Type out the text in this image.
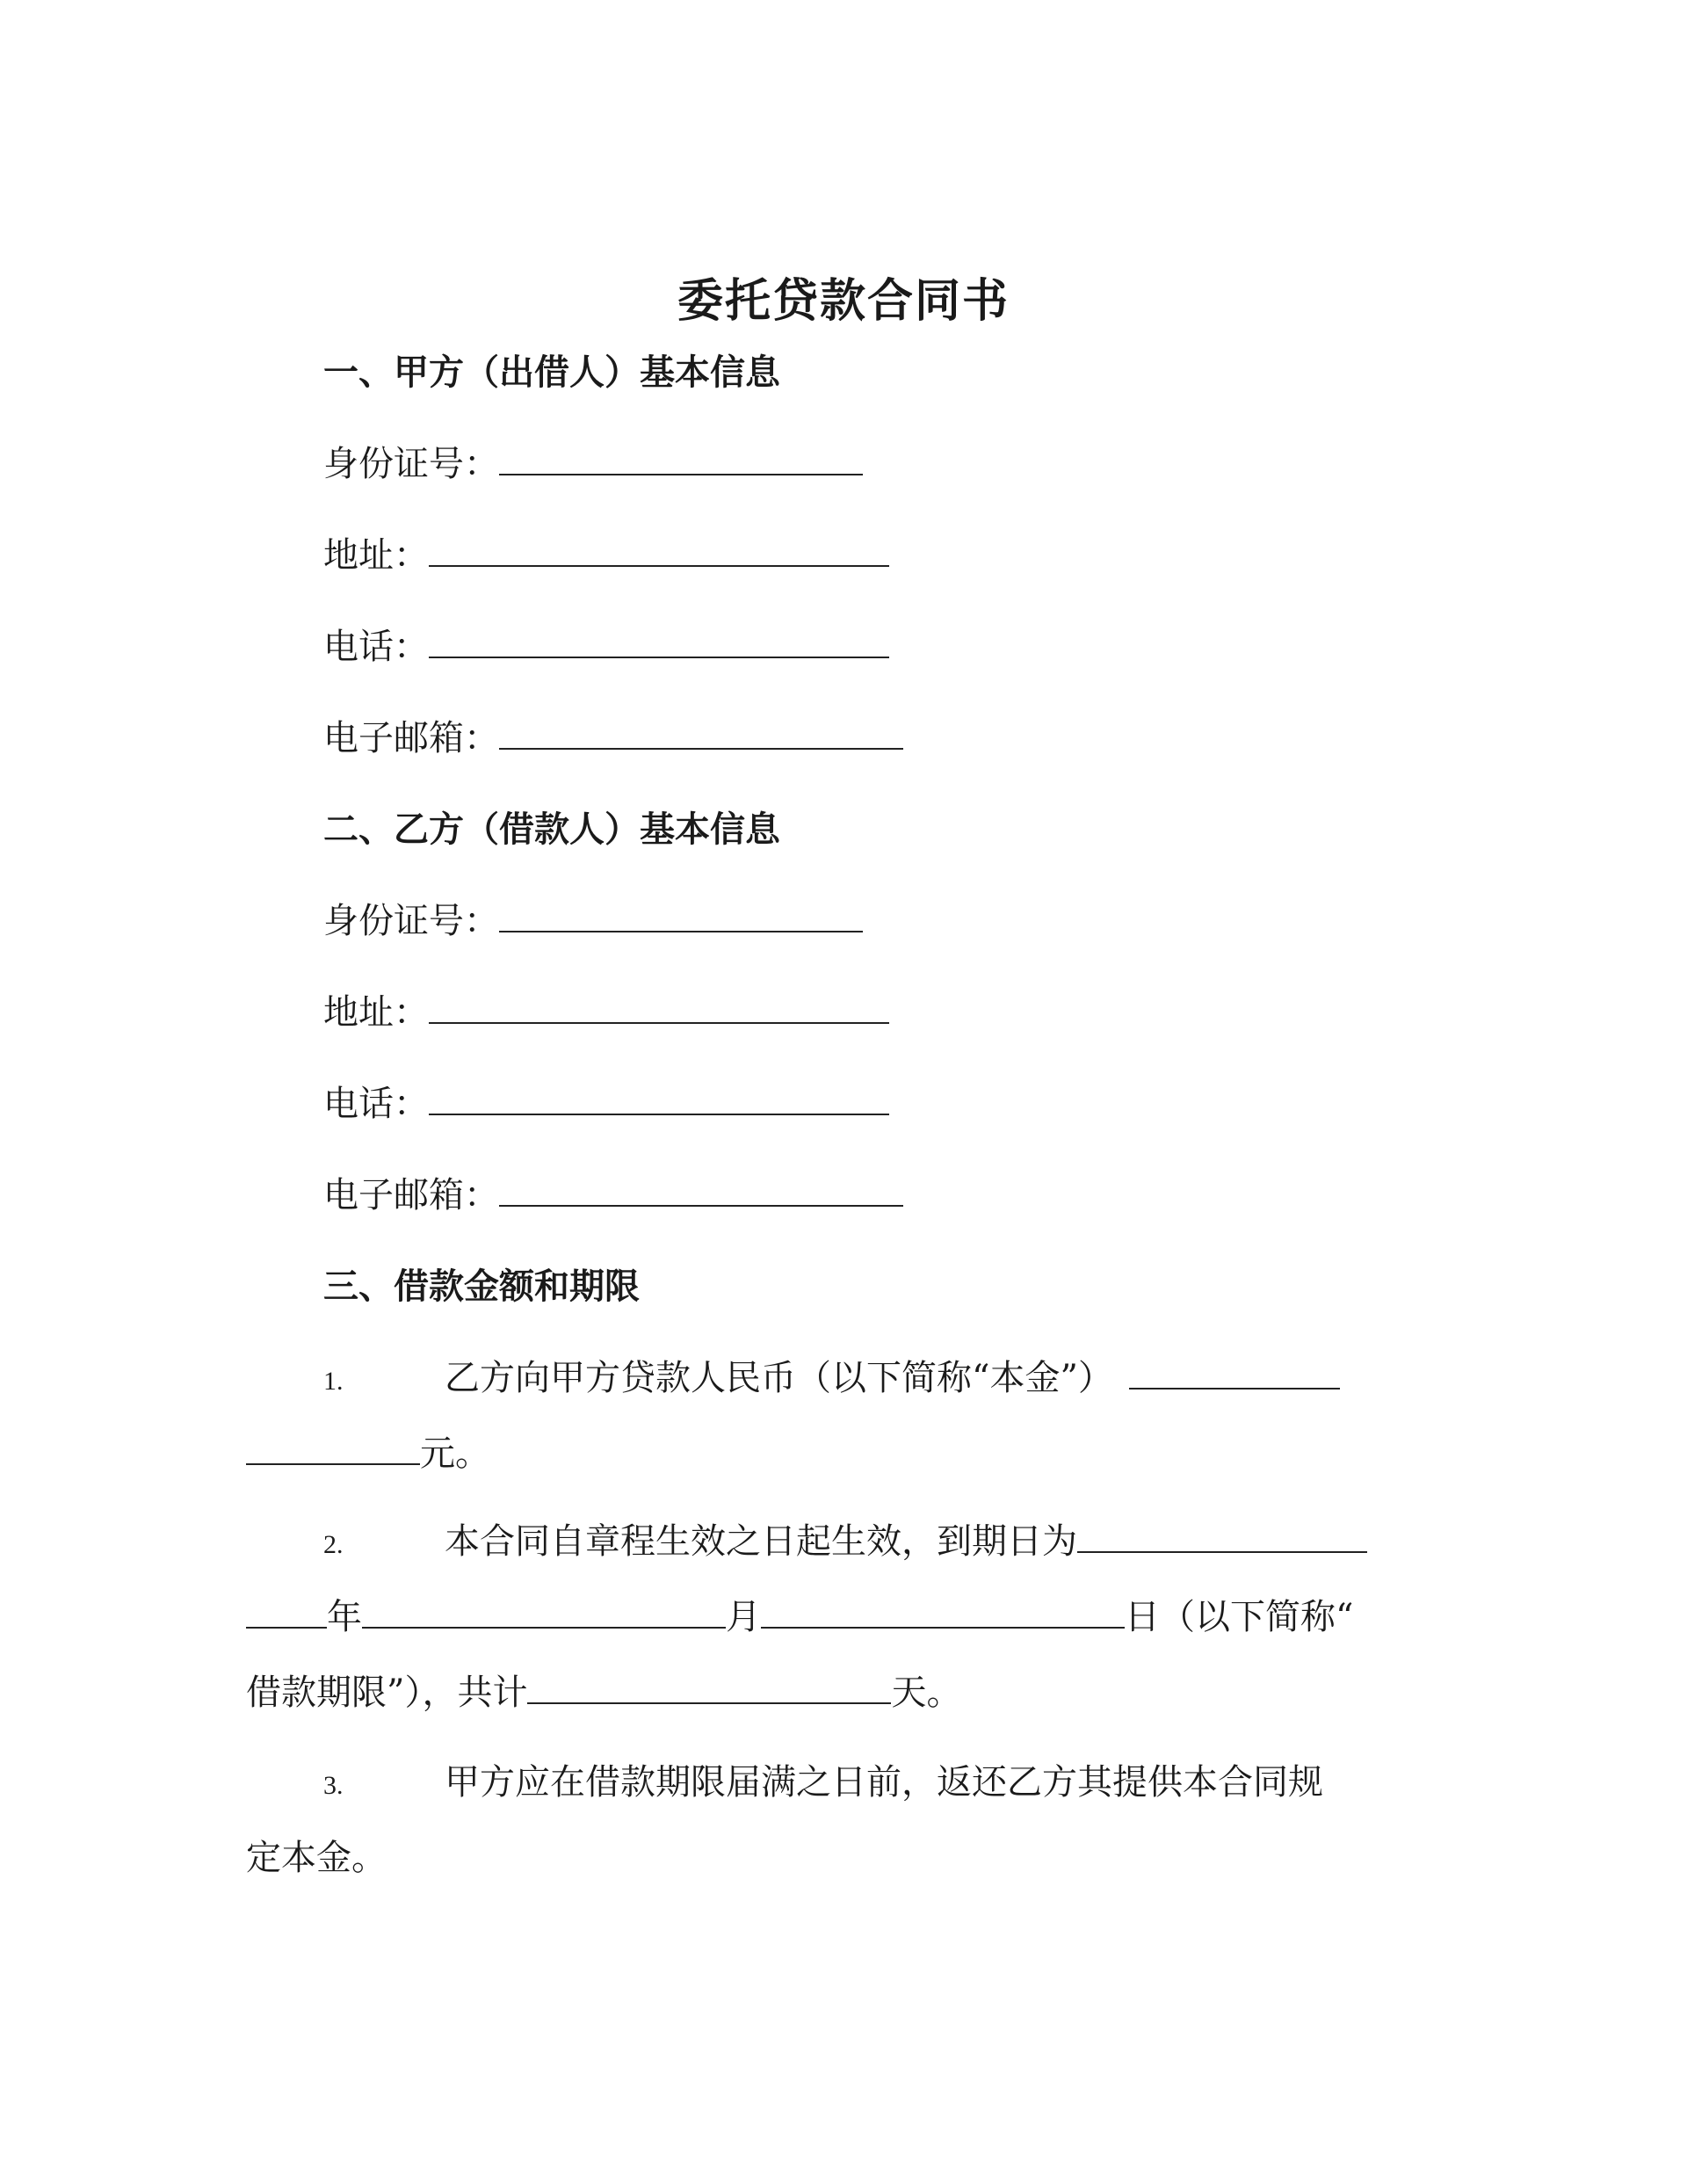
委托贷款合同书
一、甲方（出借人）基本信息
身份证号：
地址：
电话：
电子邮箱：
二、乙方（借款人）基本信息
身份证号：
地址：
电话：
电子邮箱：
三、借款金额和期限
1.	乙方向甲方贷款人民币（以下简称“本金”）
元。
2.	本合同自章程生效之日起生效，到期日为
年	月	日（以下简称“
借款期限”），共计	天。
3.	甲方应在借款期限届满之日前，返还乙方其提供本合同规
定本金。
